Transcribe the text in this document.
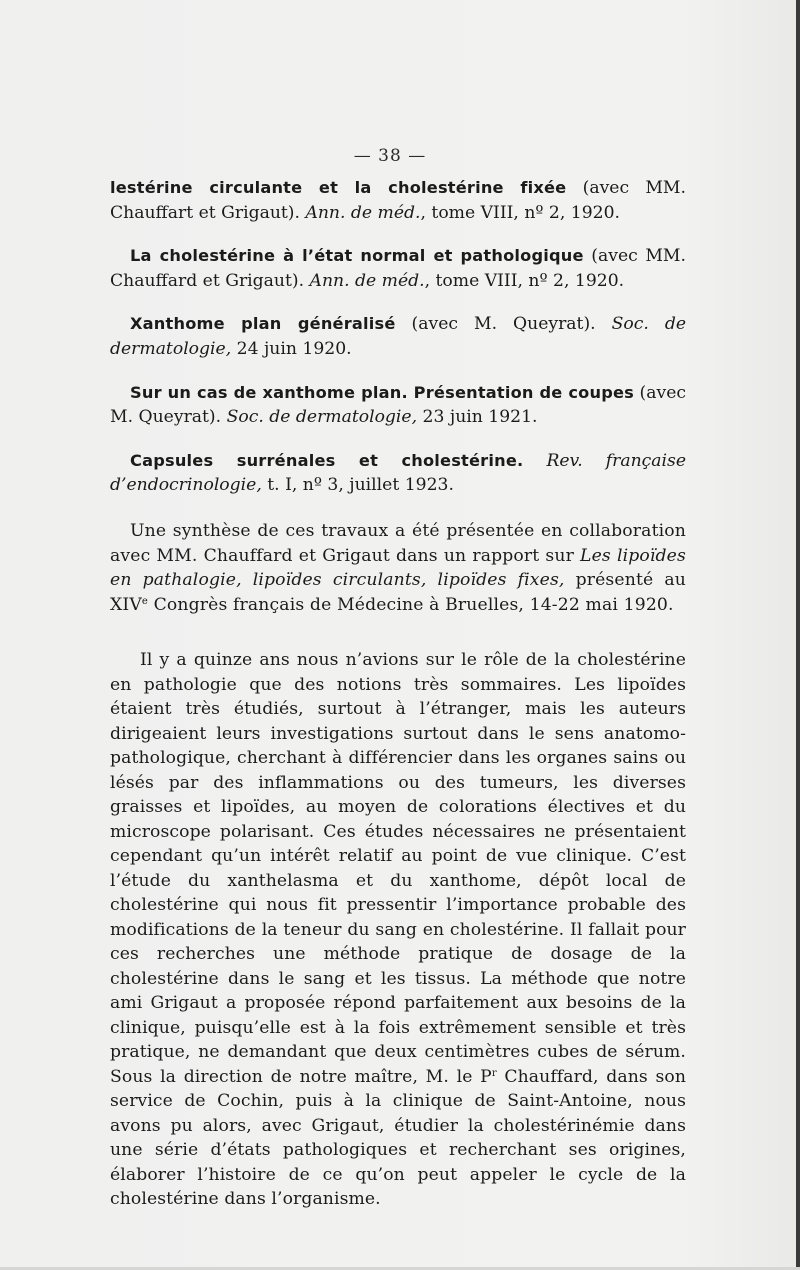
— 38 —

lestérine circulante et la cholestérine fixée (avec MM. Chauffart et Grigaut). Ann. de méd., tome VIII, nº 2, 1920.

La cholestérine à l’état normal et pathologique (avec MM. Chauffard et Grigaut). Ann. de méd., tome VIII, nº 2, 1920.

Xanthome plan généralisé (avec M. Queyrat). Soc. de dermatologie, 24 juin 1920.

Sur un cas de xanthome plan. Présentation de coupes (avec M. Queyrat). Soc. de dermatologie, 23 juin 1921.

Capsules surrénales et cholestérine. Rev. française d’endocrinologie, t. I, nº 3, juillet 1923.

Une synthèse de ces travaux a été présentée en collaboration avec MM. Chauffard et Grigaut dans un rapport sur Les lipoïdes en pathalogie, lipoïdes circulants, lipoïdes fixes, présenté au XIVe Congrès français de Médecine à Bruelles, 14-22 mai 1920.

Il y a quinze ans nous n’avions sur le rôle de la cholestérine en pathologie que des notions très sommaires. Les lipoïdes étaient très étudiés, surtout à l’étranger, mais les auteurs dirigeaient leurs investigations surtout dans le sens anatomo-pathologique, cherchant à différencier dans les organes sains ou lésés par des inflammations ou des tumeurs, les diverses graisses et lipoïdes, au moyen de colorations électives et du microscope polarisant. Ces études nécessaires ne présentaient cependant qu’un intérêt relatif au point de vue clinique. C’est l’étude du xanthelasma et du xanthome, dépôt local de cholestérine qui nous fit pressentir l’importance probable des modifications de la teneur du sang en cholestérine. Il fallait pour ces recherches une méthode pratique de dosage de la cholestérine dans le sang et les tissus. La méthode que notre ami Grigaut a proposée répond parfaitement aux besoins de la clinique, puisqu’elle est à la fois extrêmement sensible et très pratique, ne demandant que deux centimètres cubes de sérum. Sous la direction de notre maître, M. le $P^r$ Chauffard, dans son service de Cochin, puis à la clinique de Saint-Antoine, nous avons pu alors, avec Grigaut, étudier la cholestérinémie dans une série d’états pathologiques et recherchant ses origines, élaborer l’histoire de ce qu’on peut appeler le cycle de la cholestérine dans l’organisme.
